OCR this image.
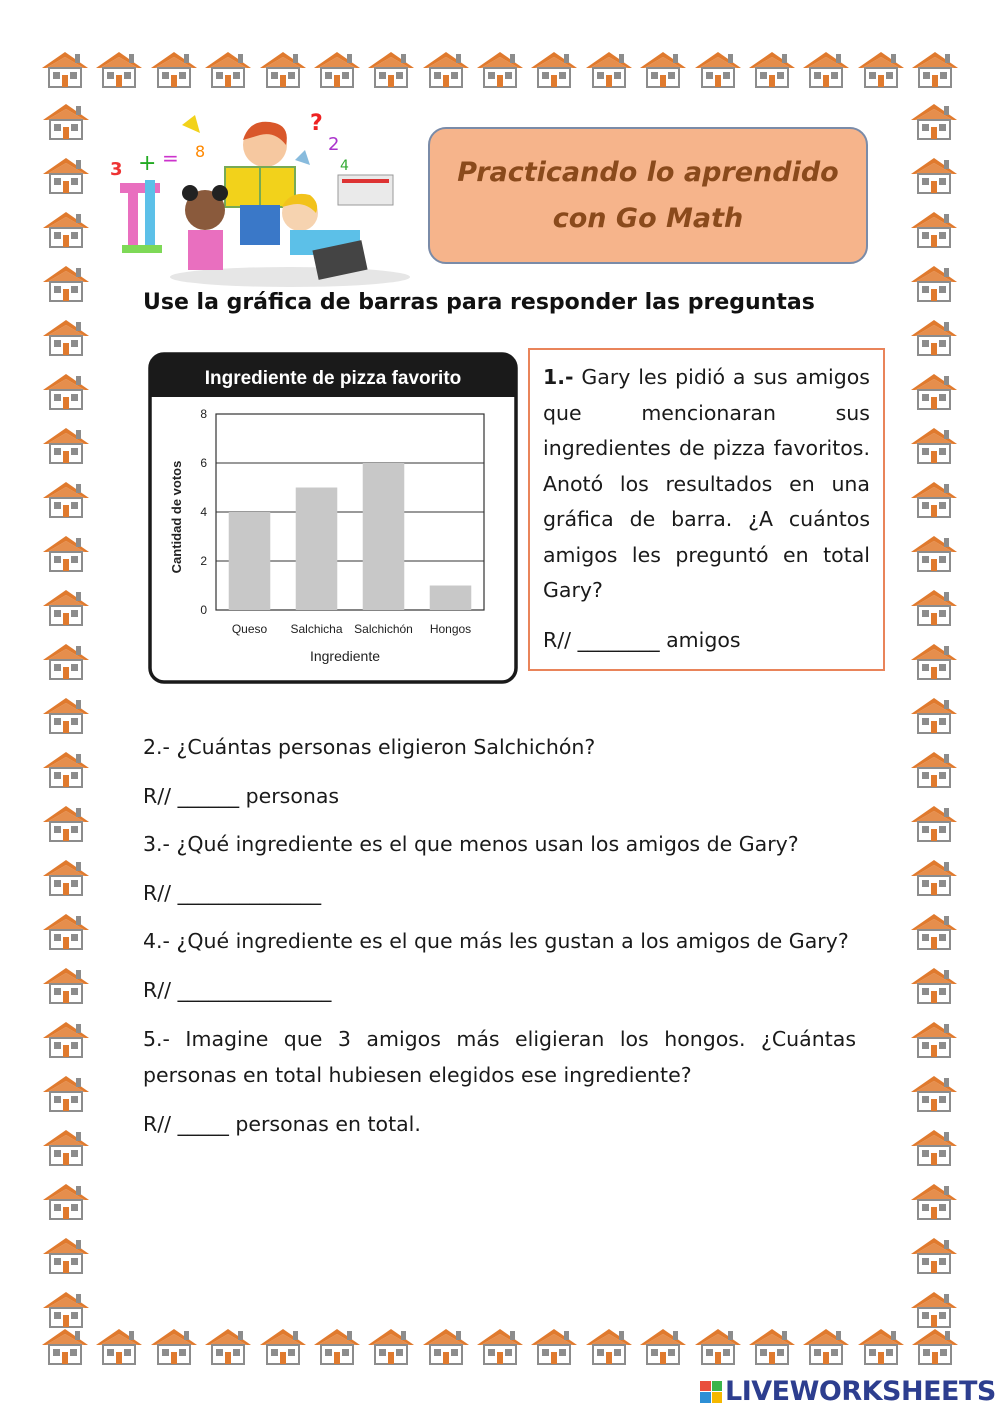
3 + = 8
?
2
4	Practicando lo aprendido
con Go Math
Use la gráfica de barras para responder las preguntas
Ingrediente de pizza favorito
Cantidad de votos
Ingrediente
0
2
4
6
8
Queso Salchicha Salchichón Hongos
1.- Gary les pidió a sus amigos que mencionaran sus ingredientes de pizza favoritos. Anotó los resultados en una gráfica de barra. ¿A cuántos amigos les preguntó en total Gary?
R// ________ amigos
2.- ¿Cuántas personas eligieron Salchichón?
R// ______ personas
3.- ¿Qué ingrediente es el que menos usan los amigos de Gary?
R// ______________
4.- ¿Qué ingrediente es el que más les gustan a los amigos de Gary?
R// _______________
5.- Imagine que 3 amigos más eligieran los hongos. ¿Cuántas personas en total hubiesen elegidos ese ingrediente?
R// _____ personas en total.
LIVEWORKSHEETS
